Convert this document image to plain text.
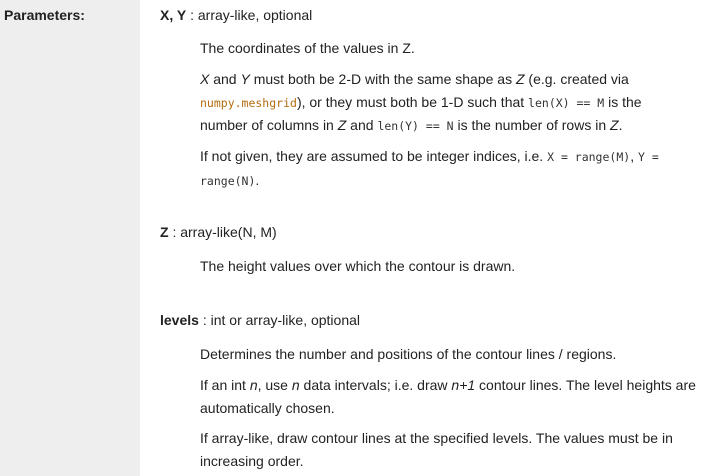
Parameters:	X, Y : array-like, optional

The coordinates of the values in Z.

X and Y must both be 2-D with the same shape as Z (e.g. created via
numpy.meshgrid), or they must both be 1-D such that len(X) == M is the
number of columns in Z and len(Y) == N is the number of rows in Z.

If not given, they are assumed to be integer indices, i.e. X = range(M), Y =
range(N).

Z : array-like(N, M)

The height values over which the contour is drawn.

levels : int or array-like, optional

Determines the number and positions of the contour lines / regions.

If an int n, use n data intervals; i.e. draw n+1 contour lines. The level heights are
automatically chosen.

If array-like, draw contour lines at the specified levels. The values must be in
increasing order.
